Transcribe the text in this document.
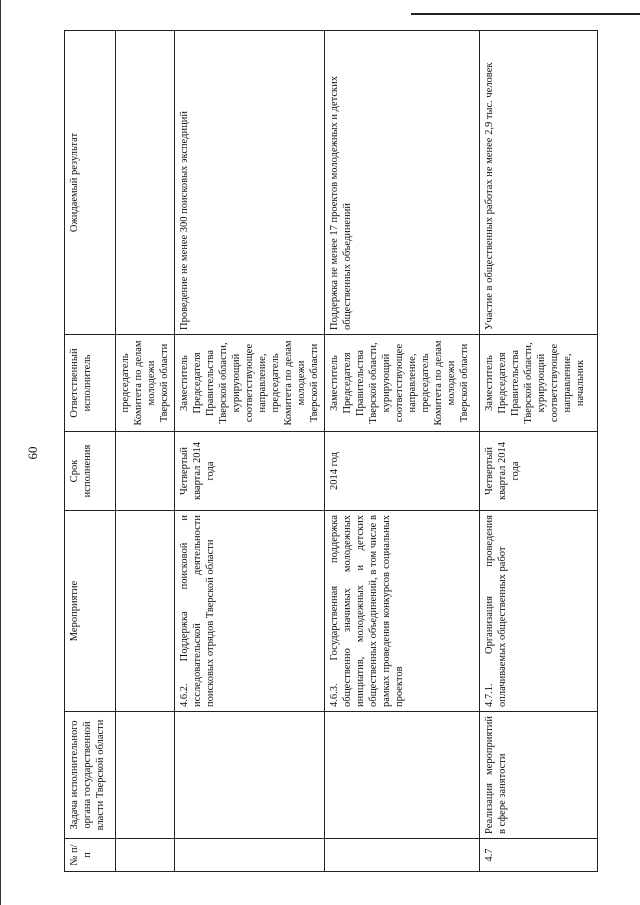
60
№ п/п	Задача исполнительного органа государственной власти Тверской области	Мероприятие	Срок исполнения	Ответственный исполнитель	Ожидаемый результат
				председатель Комитета по делам молодежи Тверской области	
		4.6.2. Поддержка поисковой и исследовательской деятельности поисковых отрядов Тверской области	Четвертый квартал 2014 года	Заместитель Председателя Правительства Тверской области, курирующий соответствующее направление, председатель Комитета по делам молодежи Тверской области	Проведение не менее 300 поисковых экспедиций
		4.6.3. Государственная поддержка общественно значимых молодежных инициатив, молодежных и детских общественных объединений, в том числе в рамках проведения конкурсов социальных проектов	2014 год	Заместитель Председателя Правительства Тверской области, курирующий соответствующее направление, председатель Комитета по делам молодежи Тверской области	Поддержка не менее 17 проектов молодежных и детских общественных объединений
4.7	Реализация мероприятий в сфере занятости	4.7.1. Организация проведения оплачиваемых общественных работ	Четвертый квартал 2014 года	Заместитель Председателя Правительства Тверской области, курирующий соответствующее направление, начальник	Участие в общественных работах не менее 2,9 тыс. человек
